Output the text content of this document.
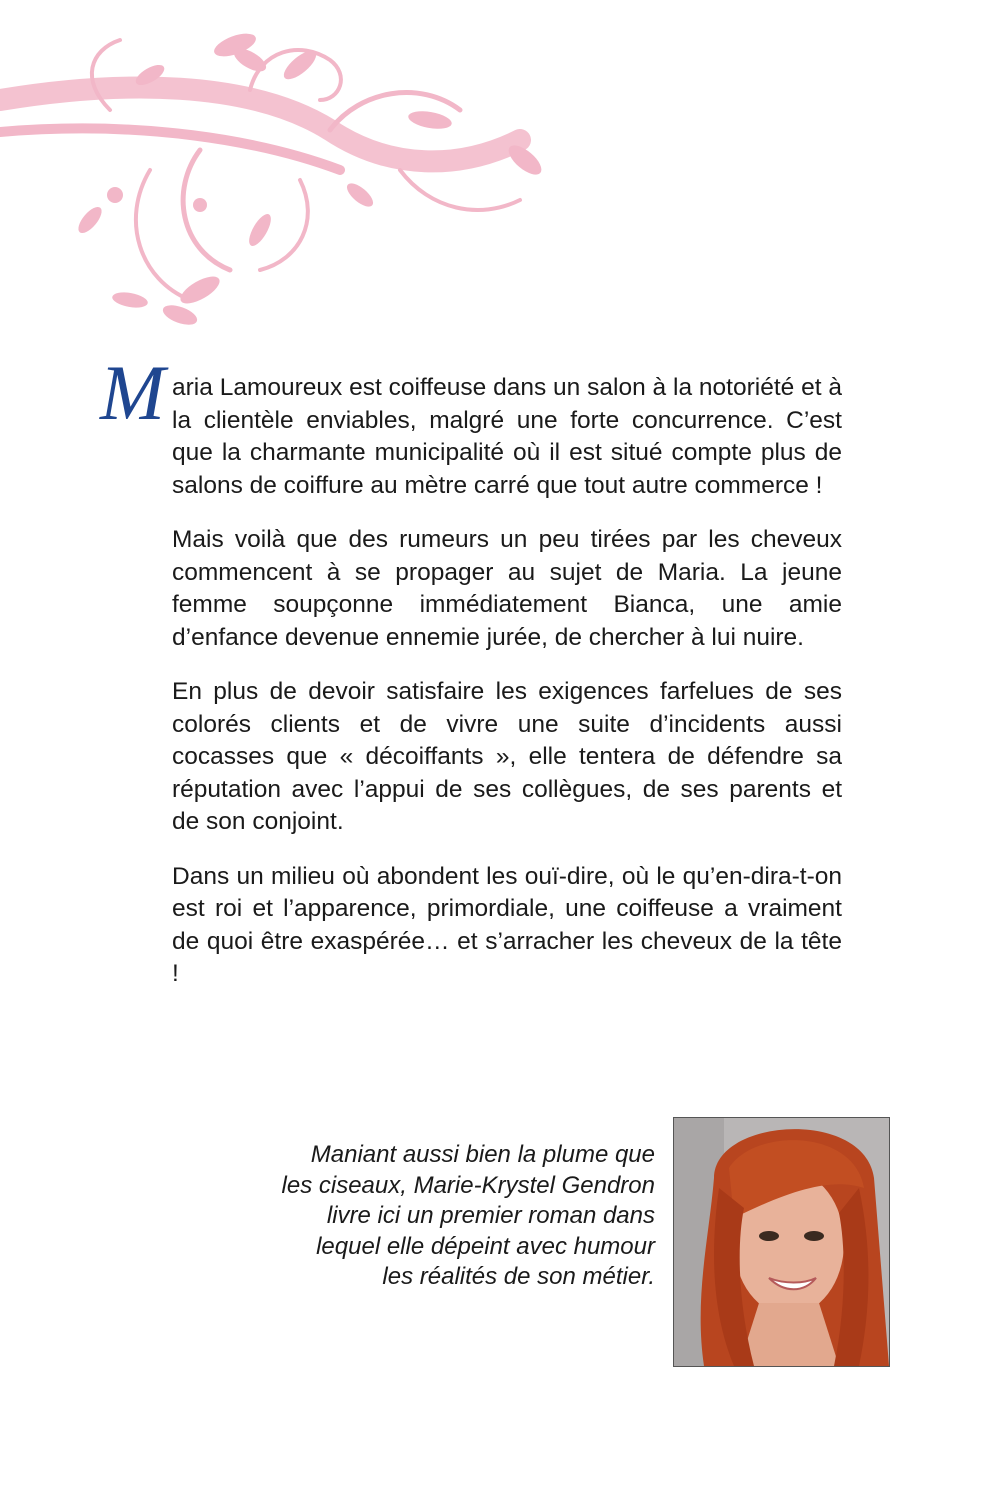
M aria Lamoureux est coiffeuse dans un salon à la notoriété et à la clientèle enviables, malgré une forte concurrence. C’est que la charmante municipalité où il est situé compte plus de salons de coiffure au mètre carré que tout autre commerce !

Mais voilà que des rumeurs un peu tirées par les cheveux commencent à se propager au sujet de Maria. La jeune femme soupçonne immédiatement Bianca, une amie d’enfance devenue ennemie jurée, de chercher à lui nuire.

En plus de devoir satisfaire les exigences farfelues de ses colorés clients et de vivre une suite d’incidents aussi cocasses que « décoiffants », elle tentera de défendre sa réputation avec l’appui de ses collègues, de ses parents et de son conjoint.

Dans un milieu où abondent les ouï-dire, où le qu’en-dira-t-on est roi et l’apparence, primordiale, une coiffeuse a vraiment de quoi être exaspérée… et s’arracher les cheveux de la tête !

Maniant aussi bien la plume que
les ciseaux, Marie-Krystel Gendron
livre ici un premier roman dans
lequel elle dépeint avec humour
les réalités de son métier.
